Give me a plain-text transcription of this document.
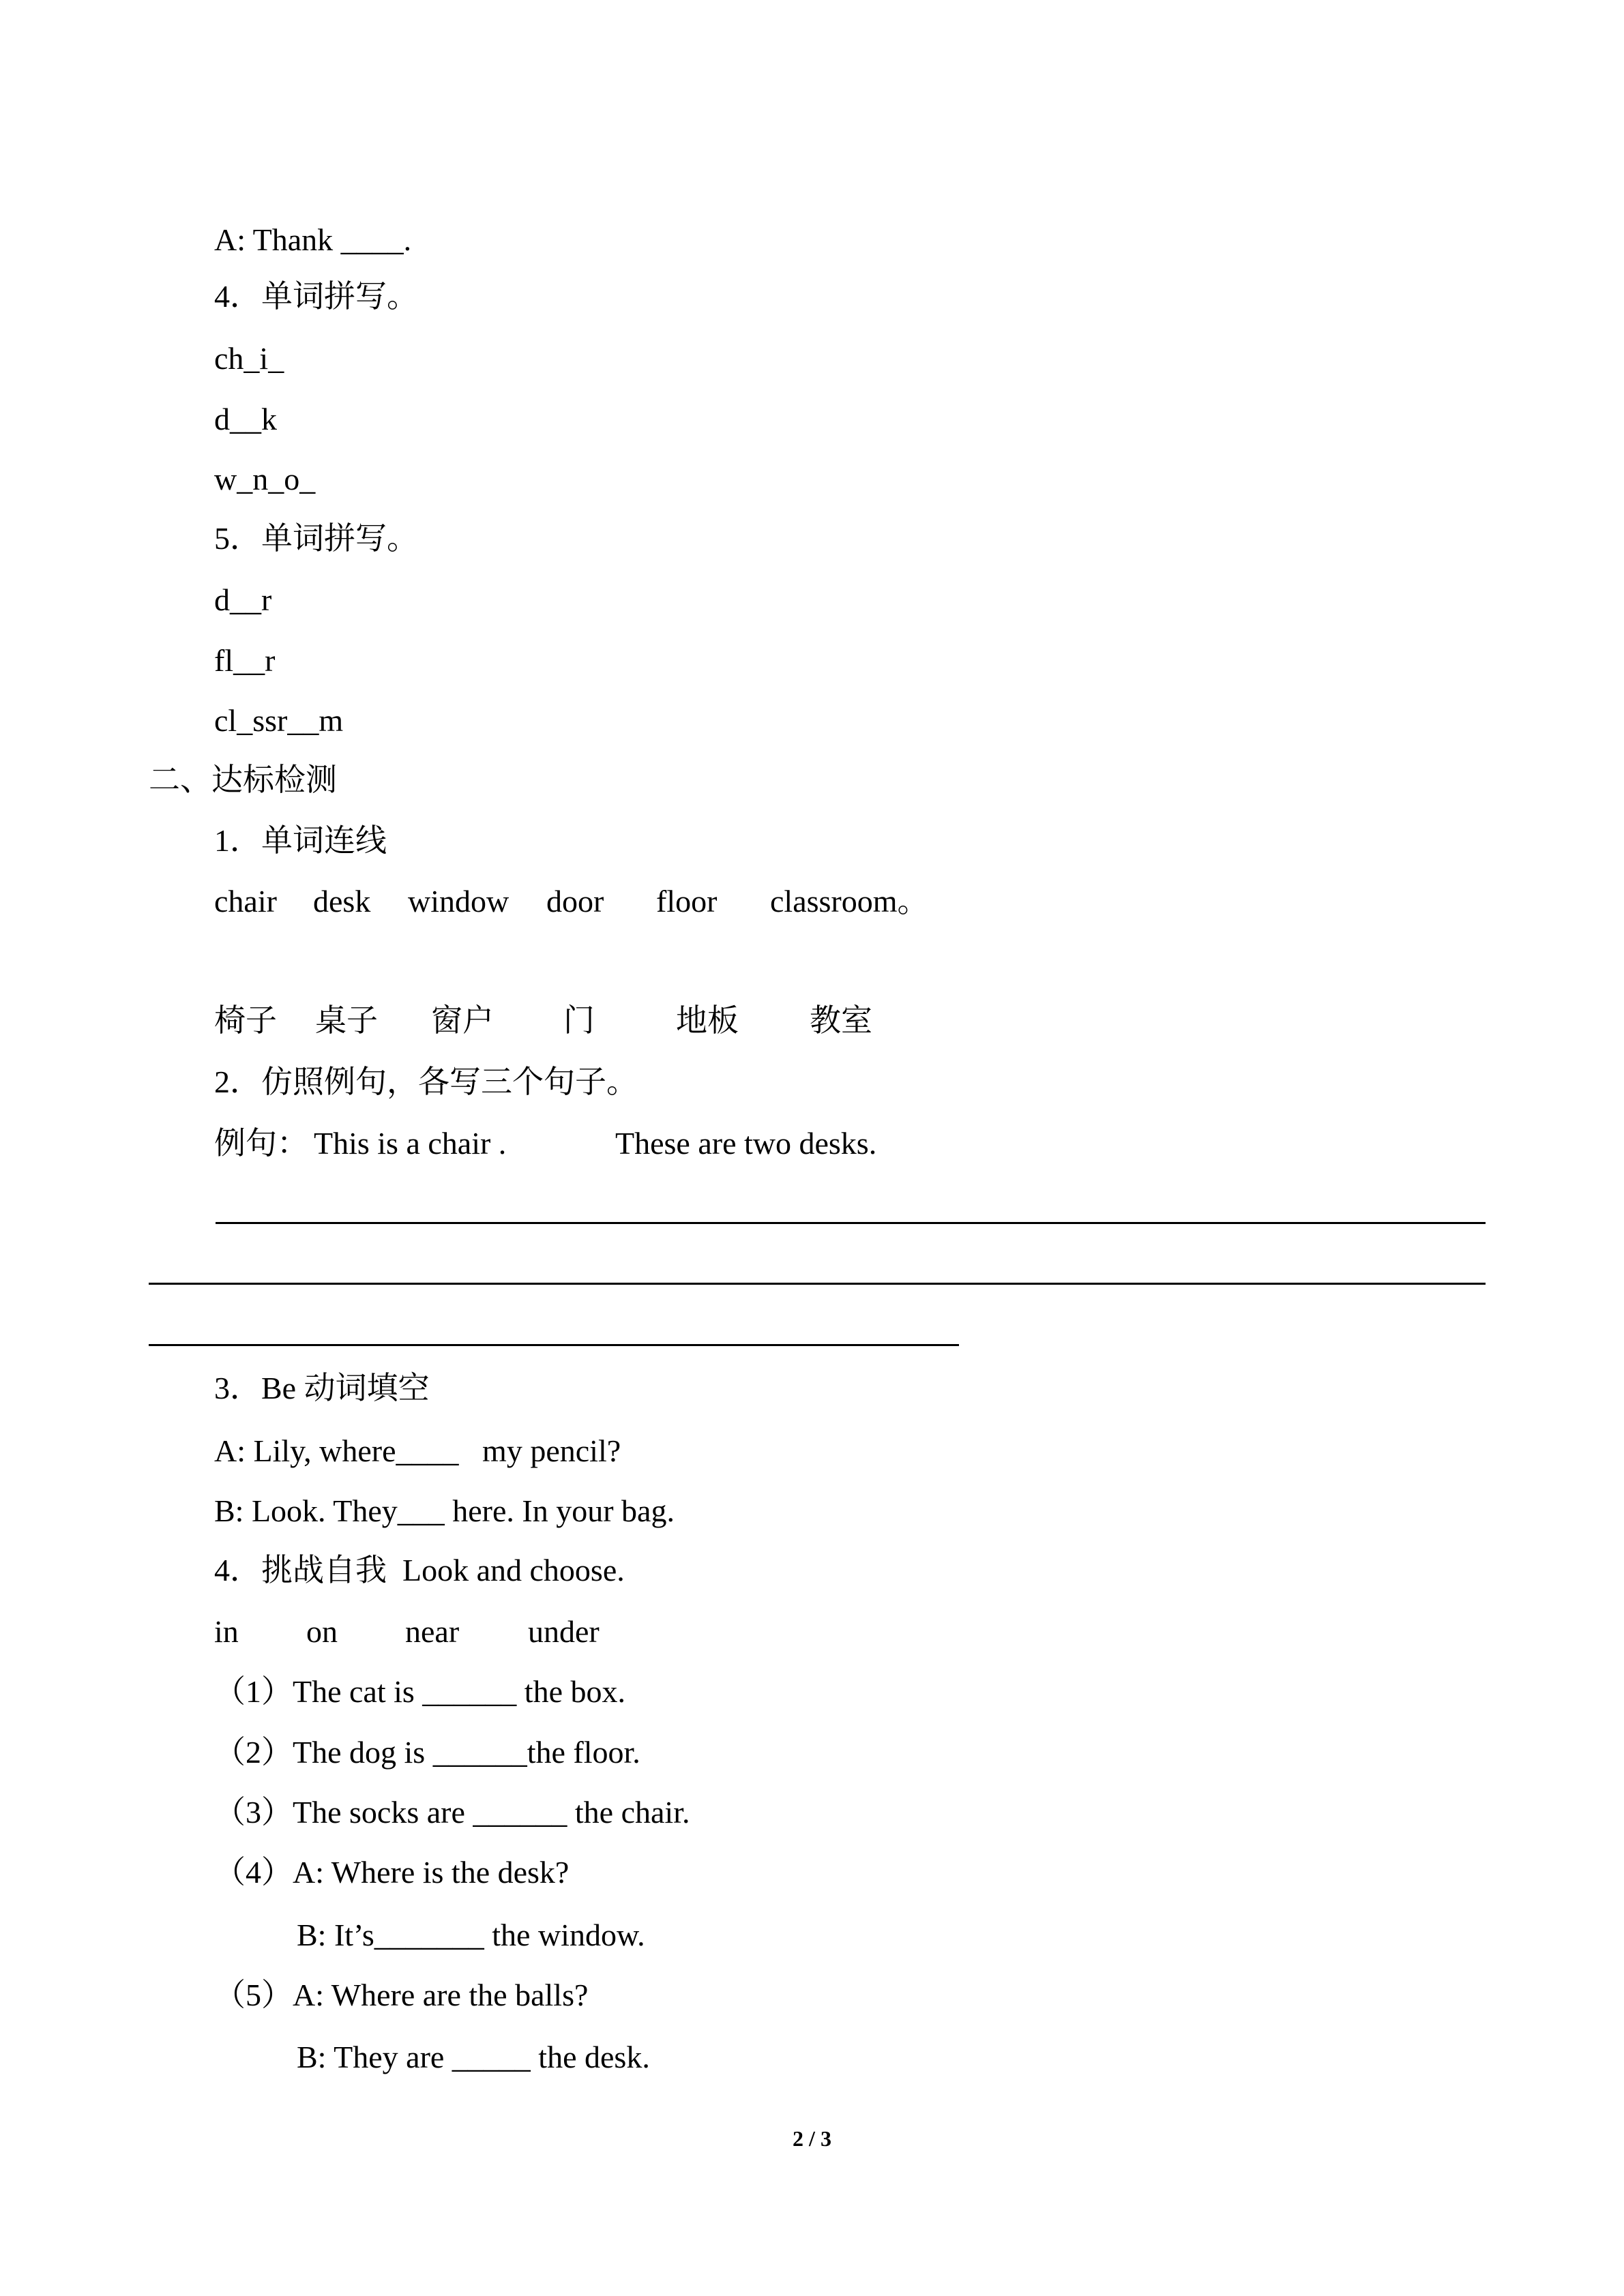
A: Thank ____.
4．单词拼写。
ch_i_
d__k
w_n_o_
5．单词拼写。
d__r
fl__r
cl_ssr__m
二、达标检测
1．单词连线
chair desk window door floor classroom。
椅子 桌子 窗户 门	地板 教室
2．仿照例句，各写三个句子。
例句： This is a chair .	These are two desks.
3．Be 动词填空
A: Lily, where____   my pencil?
B: Look. They___ here. In your bag.
4．挑战自我  Look and choose.
in on near under
（1）The cat is ______ the box.
（2）The dog is ______the floor.
（3）The socks are ______ the chair.
（4）A: Where is the desk?
B: It’s_______ the window.
（5）A: Where are the balls?
B: They are _____ the desk.
2 / 3
